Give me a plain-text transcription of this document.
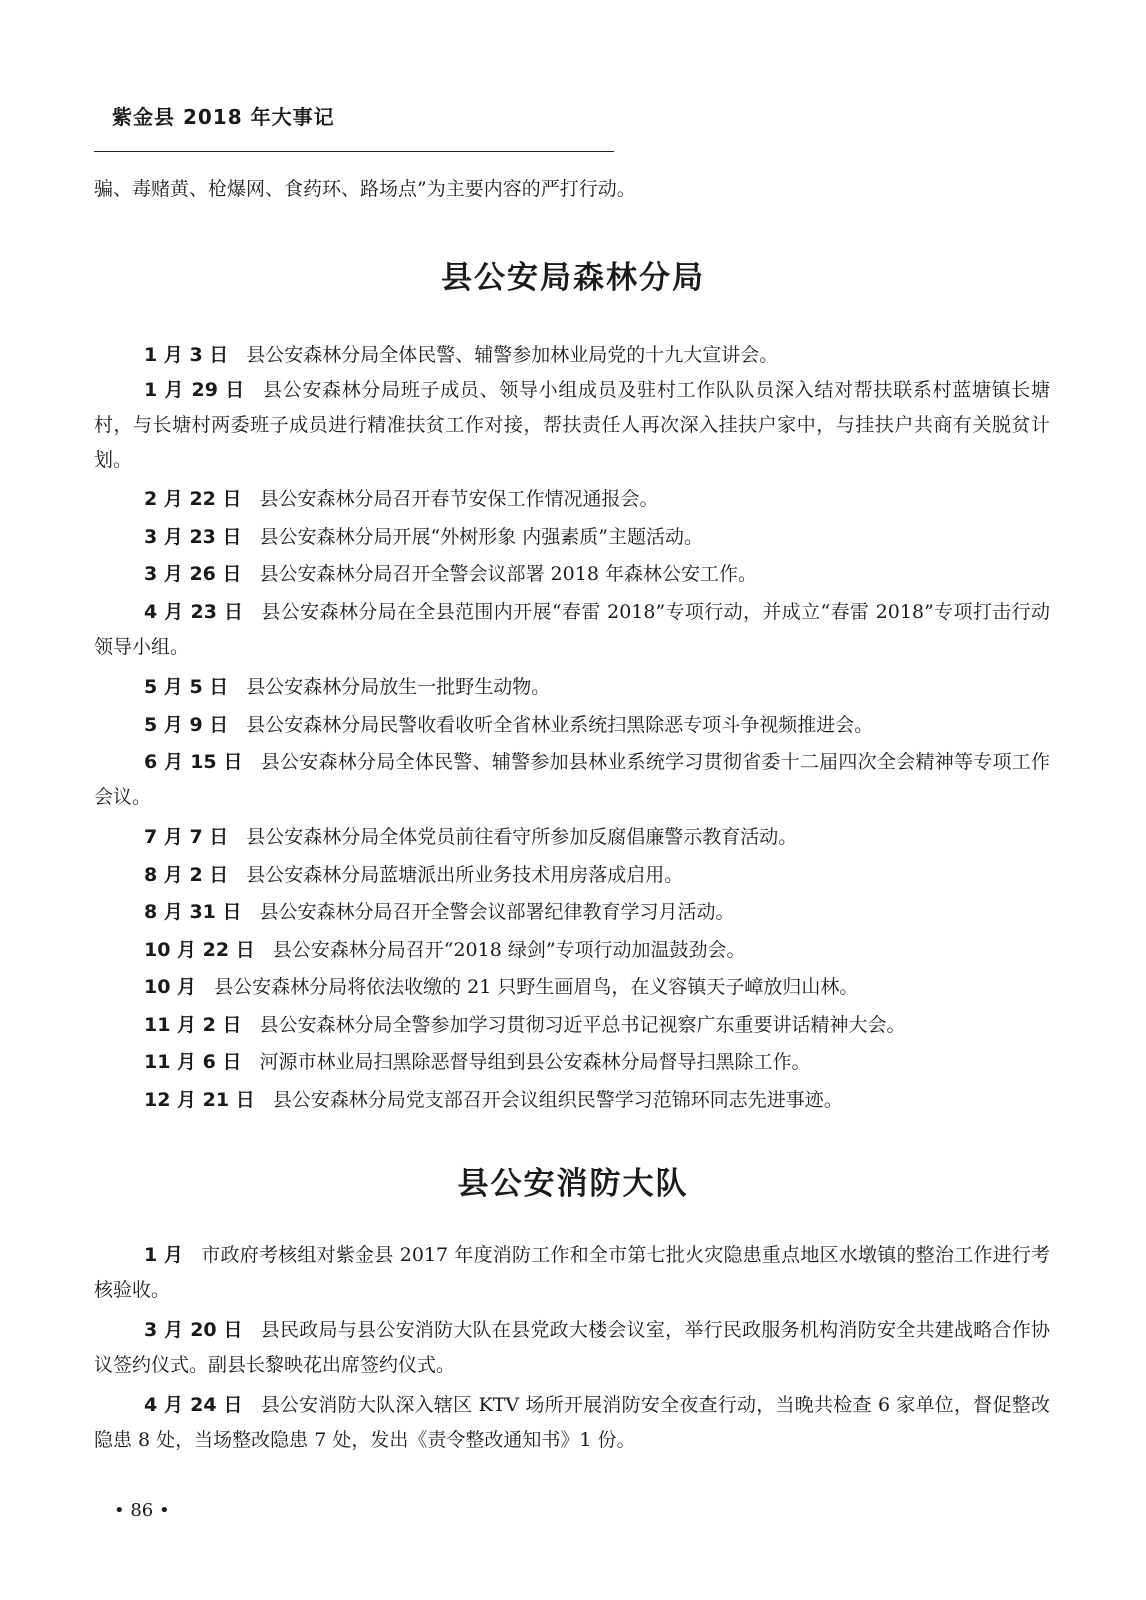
紫金县 2018 年大事记

骗、毒赌黄、枪爆网、食药环、路场点”为主要内容的严打行动。

县公安局森林分局

1 月 3 日 县公安森林分局全体民警、辅警参加林业局党的十九大宣讲会。

1 月 29 日 县公安森林分局班子成员、领导小组成员及驻村工作队队员深入结对帮扶联系村蓝塘镇长塘村，与长塘村两委班子成员进行精准扶贫工作对接，帮扶责任人再次深入挂扶户家中，与挂扶户共商有关脱贫计划。

2 月 22 日 县公安森林分局召开春节安保工作情况通报会。

3 月 23 日 县公安森林分局开展“外树形象 内强素质”主题活动。

3 月 26 日 县公安森林分局召开全警会议部署 2018 年森林公安工作。

4 月 23 日 县公安森林分局在全县范围内开展“春雷 2018”专项行动，并成立“春雷 2018”专项打击行动领导小组。

5 月 5 日 县公安森林分局放生一批野生动物。

5 月 9 日 县公安森林分局民警收看收听全省林业系统扫黑除恶专项斗争视频推进会。

6 月 15 日 县公安森林分局全体民警、辅警参加县林业系统学习贯彻省委十二届四次全会精神等专项工作会议。

7 月 7 日 县公安森林分局全体党员前往看守所参加反腐倡廉警示教育活动。

8 月 2 日 县公安森林分局蓝塘派出所业务技术用房落成启用。

8 月 31 日 县公安森林分局召开全警会议部署纪律教育学习月活动。

10 月 22 日 县公安森林分局召开“2018 绿剑”专项行动加温鼓劲会。

10 月 县公安森林分局将依法收缴的 21 只野生画眉鸟，在义容镇天子嶂放归山林。

11 月 2 日 县公安森林分局全警参加学习贯彻习近平总书记视察广东重要讲话精神大会。

11 月 6 日 河源市林业局扫黑除恶督导组到县公安森林分局督导扫黑除工作。

12 月 21 日 县公安森林分局党支部召开会议组织民警学习范锦环同志先进事迹。

县公安消防大队

1 月 市政府考核组对紫金县 2017 年度消防工作和全市第七批火灾隐患重点地区水墩镇的整治工作进行考核验收。

3 月 20 日 县民政局与县公安消防大队在县党政大楼会议室，举行民政服务机构消防安全共建战略合作协议签约仪式。副县长黎映花出席签约仪式。

4 月 24 日 县公安消防大队深入辖区 KTV 场所开展消防安全夜查行动，当晚共检查 6 家单位，督促整改隐患 8 处，当场整改隐患 7 处，发出《责令整改通知书》1 份。

• 86 •
